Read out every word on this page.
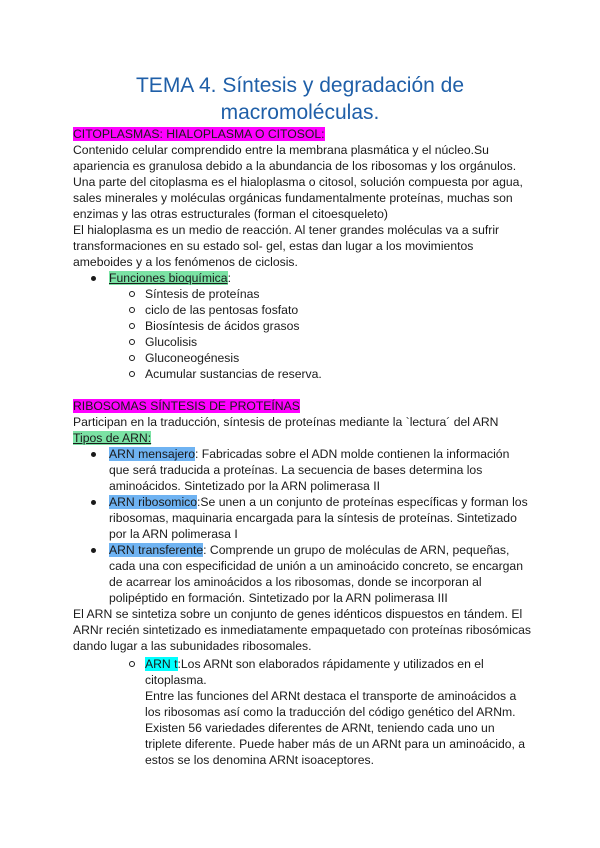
TEMA 4. Síntesis y degradación de
macromoléculas.
CITOPLASMAS: HIALOPLASMA O CITOSOL:
Contenido celular comprendido entre la membrana plasmática y el núcleo.Su
apariencia es granulosa debido a la abundancia de los ribosomas y los orgánulos.
Una parte del citoplasma es el hialoplasma o citosol, solución compuesta por agua,
sales minerales y moléculas orgánicas fundamentalmente proteínas, muchas son
enzimas y las otras estructurales (forman el citoesqueleto)
El hialoplasma es un medio de reacción. Al tener grandes moléculas va a sufrir
transformaciones en su estado sol- gel, estas dan lugar a los movimientos
ameboides y a los fenómenos de ciclosis.
Funciones bioquímica:
Síntesis de proteínas
ciclo de las pentosas fosfato
Biosíntesis de ácidos grasos
Glucolisis
Gluconeogénesis
Acumular sustancias de reserva.
RIBOSOMAS SÍNTESIS DE PROTEÍNAS
Participan en la traducción, síntesis de proteínas mediante la `lectura´ del ARN
Tipos de ARN:
ARN mensajero: Fabricadas sobre el ADN molde contienen la información
que será traducida a proteínas. La secuencia de bases determina los
aminoácidos. Sintetizado por la ARN polimerasa II
ARN ribosomico:Se unen a un conjunto de proteínas específicas y forman los
ribosomas, maquinaria encargada para la síntesis de proteínas. Sintetizado
por la ARN polimerasa I
ARN transferente: Comprende un grupo de moléculas de ARN, pequeñas,
cada una con especificidad de unión a un aminoácido concreto, se encargan
de acarrear los aminoácidos a los ribosomas, donde se incorporan al
polipéptido en formación. Sintetizado por la ARN polimerasa III
El ARN se sintetiza sobre un conjunto de genes idénticos dispuestos en tándem. El
ARNr recién sintetizado es inmediatamente empaquetado con proteínas ribosómicas
dando lugar a las subunidades ribosomales.
ARN t:Los ARNt son elaborados rápidamente y utilizados en el
citoplasma.
Entre las funciones del ARNt destaca el transporte de aminoácidos a
los ribosomas así como la traducción del código genético del ARNm.
Existen 56 variedades diferentes de ARNt, teniendo cada uno un
triplete diferente. Puede haber más de un ARNt para un aminoácido, a
estos se los denomina ARNt isoaceptores.
